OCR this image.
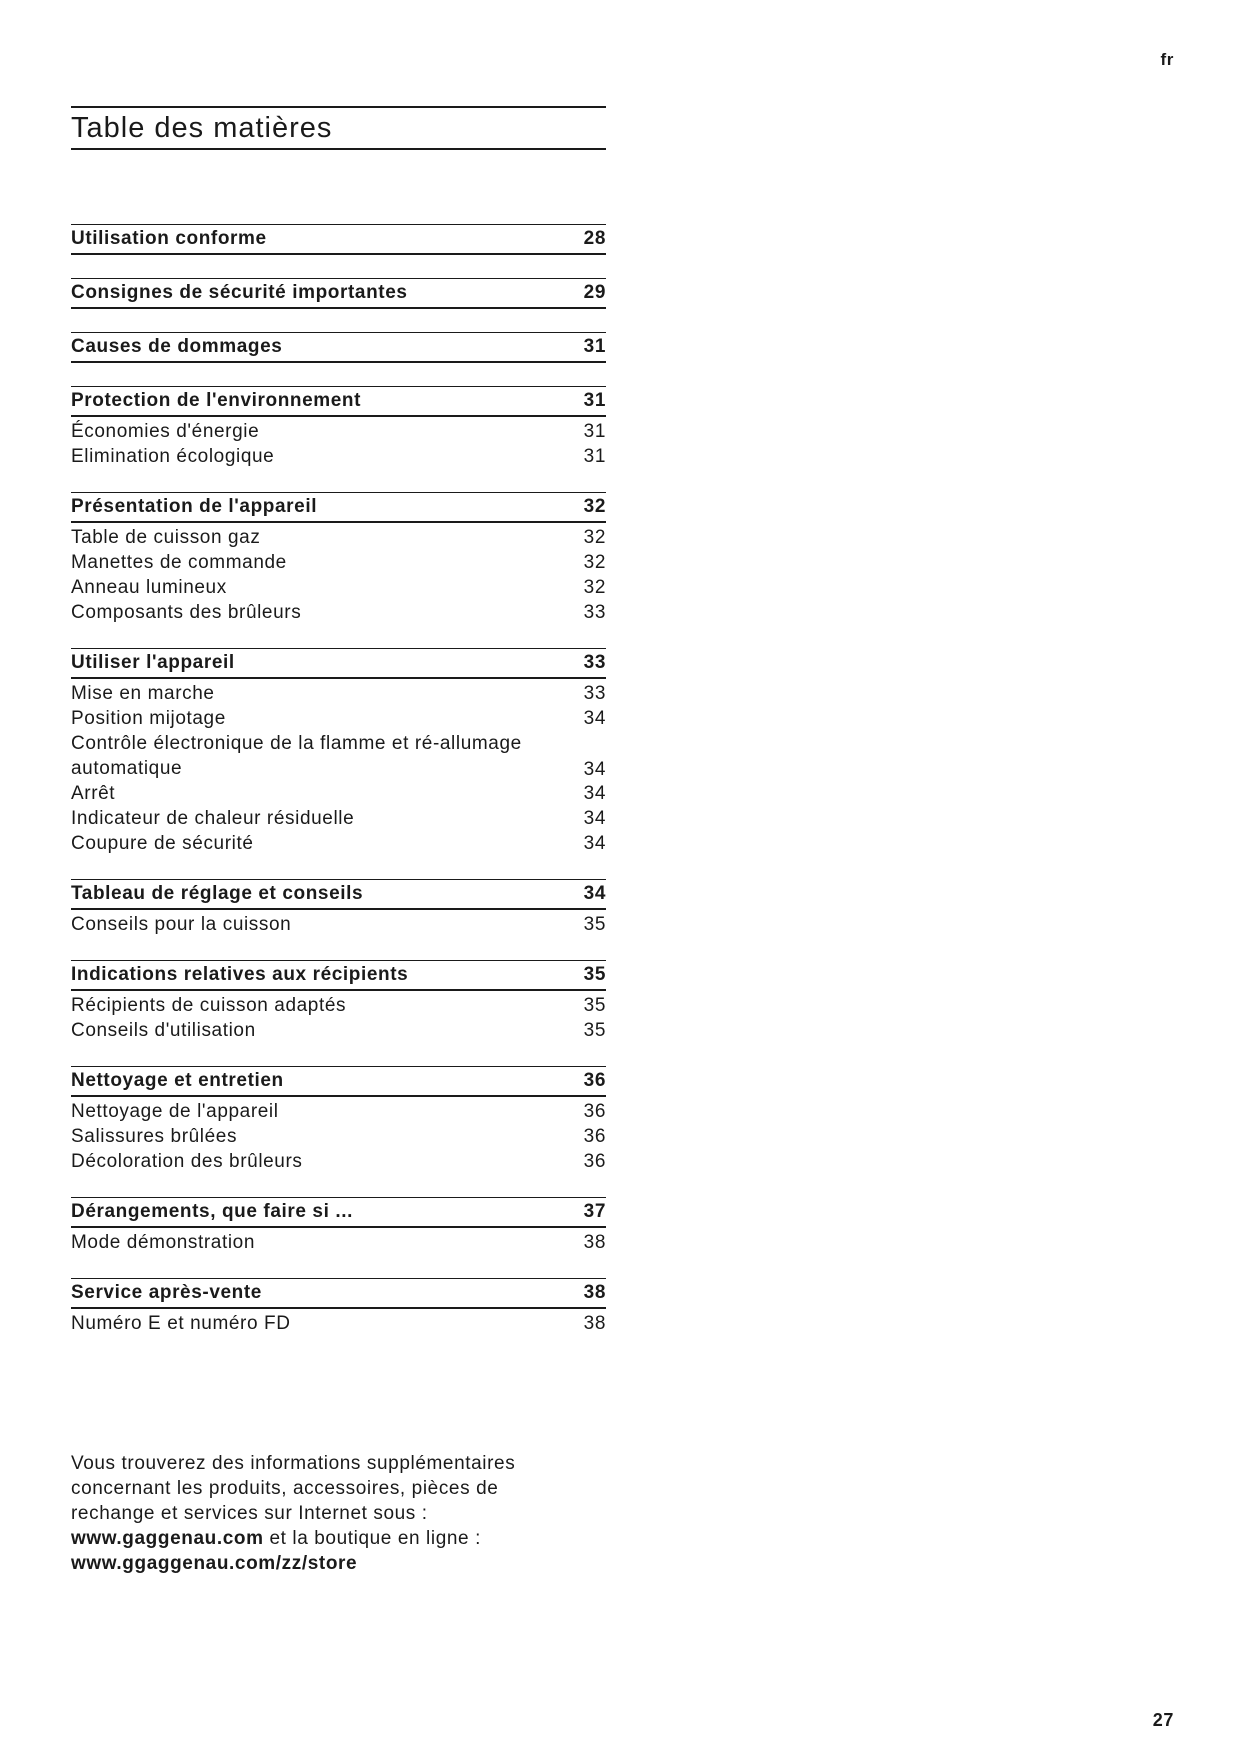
fr
Table des matières
Utilisation conforme	28
Consignes de sécurité importantes	29
Causes de dommages	31
Protection de l'environnement	31
Économies d'énergie	31
Elimination écologique	31
Présentation de l'appareil	32
Table de cuisson gaz	32
Manettes de commande	32
Anneau lumineux	32
Composants des brûleurs	33
Utiliser l'appareil	33
Mise en marche	33
Position mijotage	34
Contrôle électronique de la flamme et ré-allumage automatique	34
Arrêt	34
Indicateur de chaleur résiduelle	34
Coupure de sécurité	34
Tableau de réglage et conseils	34
Conseils pour la cuisson	35
Indications relatives aux récipients	35
Récipients de cuisson adaptés	35
Conseils d'utilisation	35
Nettoyage et entretien	36
Nettoyage de l'appareil	36
Salissures brûlées	36
Décoloration des brûleurs	36
Dérangements, que faire si ...	37
Mode démonstration	38
Service après-vente	38
Numéro E et numéro FD	38
Vous trouverez des informations supplémentaires concernant les produits, accessoires, pièces de rechange et services sur Internet sous :
www.gaggenau.com et la boutique en ligne :
www.ggaggenau.com/zz/store
27
